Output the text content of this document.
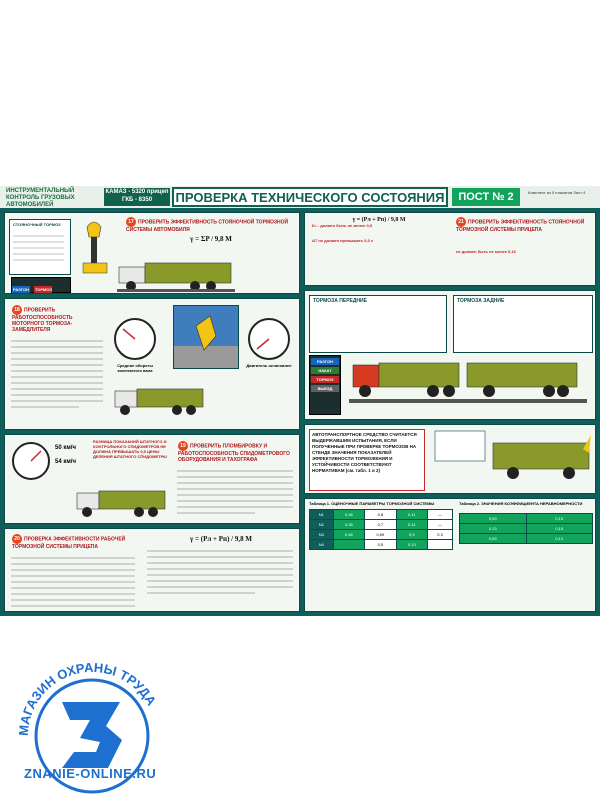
ИНСТРУМЕНТАЛЬНЫЙ КОНТРОЛЬ ГРУЗОВЫХ АВТОМОБИЛЕЙ
КАМАЗ - 5320 прицеп ГКБ - 8350	ПРОВЕРКА ТЕХНИЧЕСКОГО СОСТОЯНИЯ	ПОСТ № 2	Комплект из 5 плакатов Лист 4
СТОЯНОЧНЫЙ ТОРМОЗ
РАЗГОН ТОРМОЗ
17 ПРОВЕРИТЬ ЭФФЕКТИВНОСТЬ СТОЯНОЧНОЙ ТОРМОЗНОЙ СИСТЕМЫ АВТОМОБИЛЯ
γ = ΣP / 9,8 M
18 ПРОВЕРИТЬ РАБОТОСПОСОБНОСТЬ МОТОРНОГО ТОРМОЗА-ЗАМЕДЛИТЕЛЯ
Средние обороты коленчатого вала
Двигатель остановлен
50 км/ч
54 км/ч
РАЗНИЦА ПОКАЗАНИЙ ШТАТНОГО И КОНТРОЛЬНОГО СПИДОМЕТРОВ НЕ ДОЛЖНА ПРЕВЫШАТЬ 0,5 ЦЕНЫ ДЕЛЕНИЯ ШТАТНОГО СПИДОМЕТРА!
19 ПРОВЕРИТЬ ПЛОМБИРОВКУ И РАБОТОСПОСОБНОСТЬ СПИДОМЕТРОВОГО ОБОРУДОВАНИЯ И ТАХОГРАФА
20 ПРОВЕРКА ЭФФЕКТИВНОСТИ РАБОЧЕЙ ТОРМОЗНОЙ СИСТЕМЫ ПРИЦЕПА
γ = (Pл + Pп) / 9,8 M
γ = (Pл + Pп) / 9,8 M
K₂ - должен быть не менее 0,9
ΔТ не должен превышать 0,3 с
21 ПРОВЕРИТЬ ЭФФЕКТИВНОСТЬ СТОЯНОЧНОЙ ТОРМОЗНОЙ СИСТЕМЫ ПРИЦЕПА
не должен быть не менее 0,16
ТОРМОЗА ПЕРЕДНИЕ	ТОРМОЗА ЗАДНИЕ
РАЗГОН
НАКАТ
ТОРМОЗ
ВЫЕЗД
АВТОТРАНСПОРТНОЕ СРЕДСТВО СЧИТАЕТСЯ ВЫДЕРЖАВШИМ ИСПЫТАНИЯ, ЕСЛИ ПОЛУЧЕННЫЕ ПРИ ПРОВЕРКЕ ТОРМОЗОВ НА СТЕНДЕ ЗНАЧЕНИЯ ПОКАЗАТЕЛЕЙ ЭФФЕКТИВНОСТИ ТОРМОЖЕНИЯ И УСТОЙЧИВОСТИ СООТВЕТСТВУЮТ НОРМАТИВАМ (см. табл. 1 и 2)
Таблица 1. ОЦЕНОЧНЫЕ ПАРАМЕТРЫ ТОРМОЗНОЙ СИСТЕМЫ
N1	0,46	0,8	0,11	—
N2	0,38	0,7	0,11	—
N3	0,46	0,69	0,9	0,3
N4		0,5	0,13	
Таблица 2. ЗНАЧЕНИЯ КОЭФФИЦИЕНТА НЕРАВНОМЕРНОСТИ
0,09	0,15
0,13	0,15
0,09	0,13
МАГАЗИН ОХРАНЫ ТРУДА
ZNANIE-ONLINE.RU
